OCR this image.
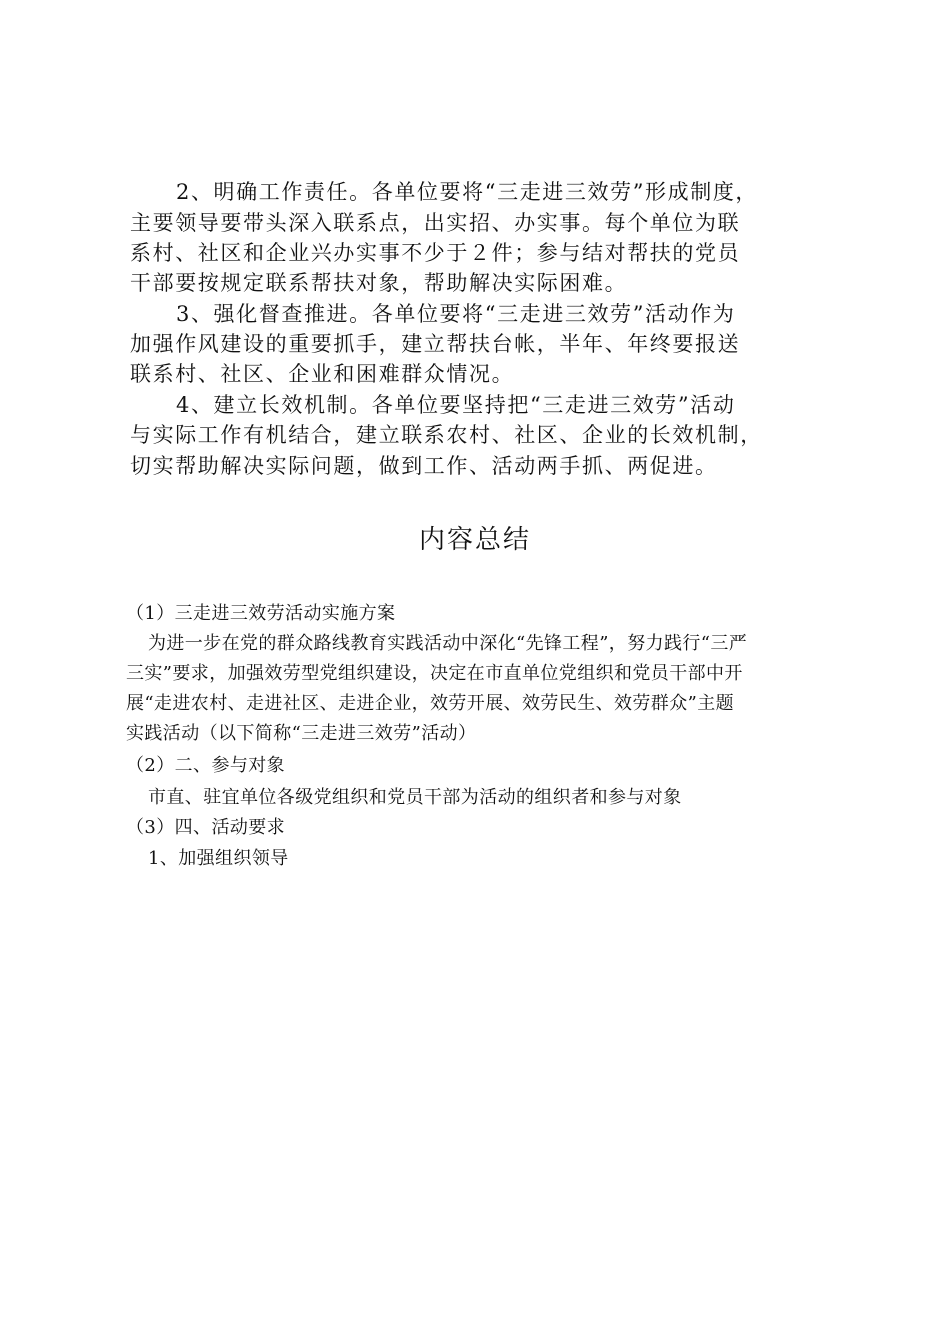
2、明确工作责任。各单位要将“三走进三效劳”形成制度，
主要领导要带头深入联系点，出实招、办实事。每个单位为联
系村、社区和企业兴办实事不少于２件；参与结对帮扶的党员
干部要按规定联系帮扶对象，帮助解决实际困难。
3、强化督查推进。各单位要将“三走进三效劳”活动作为
加强作风建设的重要抓手，建立帮扶台帐，半年、年终要报送
联系村、社区、企业和困难群众情况。
4、建立长效机制。各单位要坚持把“三走进三效劳”活动
与实际工作有机结合，建立联系农村、社区、企业的长效机制，
切实帮助解决实际问题，做到工作、活动两手抓、两促进。
内容总结
（1）三走进三效劳活动实施方案
为进一步在党的群众路线教育实践活动中深化“先锋工程”，努力践行“三严
三实”要求，加强效劳型党组织建设，决定在市直单位党组织和党员干部中开
展“走进农村、走进社区、走进企业，效劳开展、效劳民生、效劳群众”主题
实践活动（以下简称“三走进三效劳”活动）
（2）二、参与对象
市直、驻宜单位各级党组织和党员干部为活动的组织者和参与对象
（3）四、活动要求
1、加强组织领导
